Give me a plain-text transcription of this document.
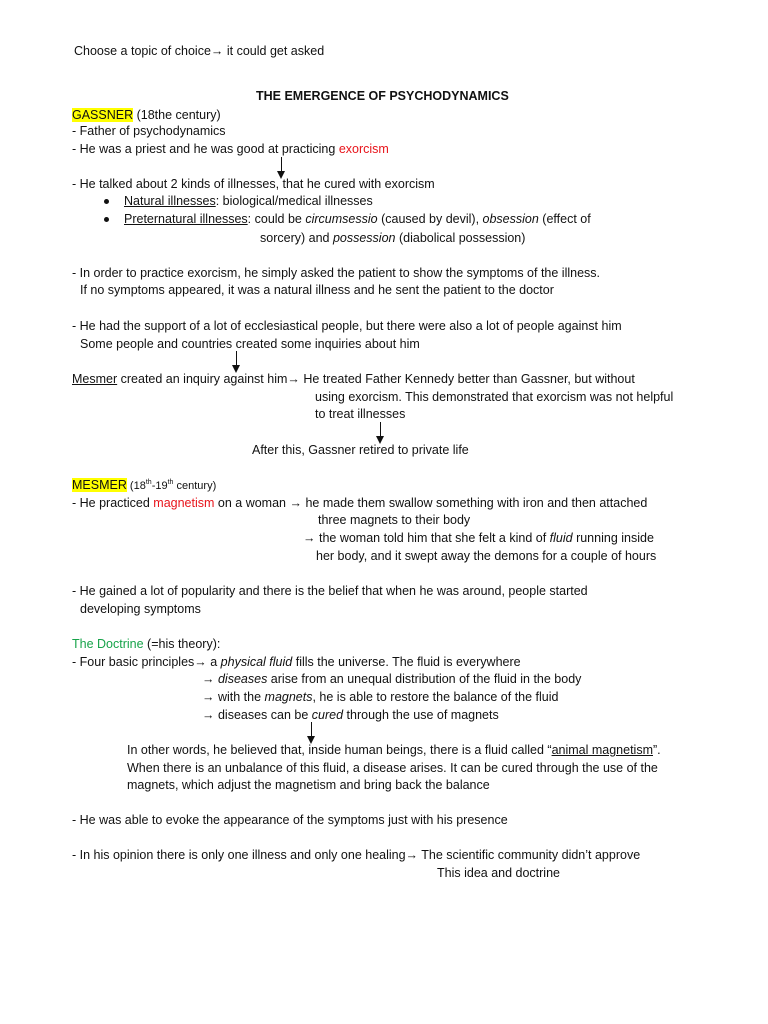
Choose a topic of choice→ it could get asked
THE EMERGENCE OF PSYCHODYNAMICS
GASSNER (18the century)
- Father of psychodynamics
- He was a priest and he was good at practicing exorcism
- He talked about 2 kinds of illnesses, that he cured with exorcism
Natural illnesses: biological/medical illnesses
Preternatural illnesses: could be circumsessio (caused by devil), obsession (effect of
sorcery) and possession (diabolical possession)
- In order to practice exorcism, he simply asked the patient to show the symptoms of the illness.
If no symptoms appeared, it was a natural illness and he sent the patient to the doctor
- He had the support of a lot of ecclesiastical people, but there were also a lot of people against him
Some people and countries created some inquiries about him
Mesmer created an inquiry against him→ He treated Father Kennedy better than Gassner, but without
using exorcism. This demonstrated that exorcism was not helpful
to treat illnesses
After this, Gassner retired to private life
MESMER (18th-19th century)
- He practiced magnetism on a woman → he made them swallow something with iron and then attached
three magnets to their body
→ the woman told him that she felt a kind of fluid running inside
her body, and it swept away the demons for a couple of hours
- He gained a lot of popularity and there is the belief that when he was around, people started
developing symptoms
The Doctrine (=his theory):
- Four basic principles→ a physical fluid fills the universe. The fluid is everywhere
→ diseases arise from an unequal distribution of the fluid in the body
→ with the magnets, he is able to restore the balance of the fluid
→ diseases can be cured through the use of magnets
In other words, he believed that, inside human beings, there is a fluid called “animal magnetism”.
When there is an unbalance of this fluid, a disease arises. It can be cured through the use of the
magnets, which adjust the magnetism and bring back the balance
- He was able to evoke the appearance of the symptoms just with his presence
- In his opinion there is only one illness and only one healing→ The scientific community didn’t approve
This idea and doctrine
